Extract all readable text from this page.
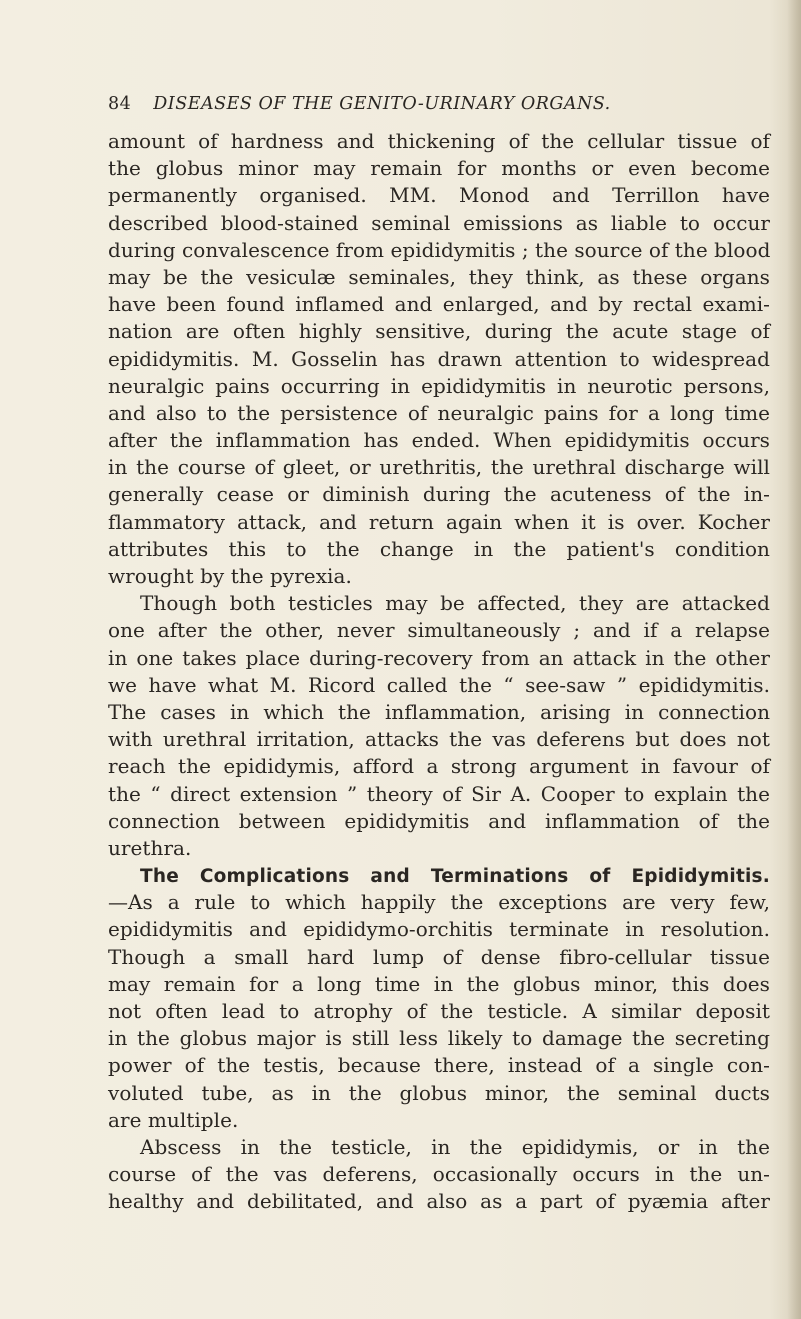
84 DISEASES OF THE GENITO-URINARY ORGANS.
amount of hardness and thickening of the cellular tissue of
the globus minor may remain for months or even become
permanently organised. MM. Monod and Terrillon have
described blood-stained seminal emissions as liable to occur
during convalescence from epididymitis ; the source of the blood
may be the vesiculæ seminales, they think, as these organs
have been found inflamed and enlarged, and by rectal exami-
nation are often highly sensitive, during the acute stage of
epididymitis. M. Gosselin has drawn attention to widespread
neuralgic pains occurring in epididymitis in neurotic persons,
and also to the persistence of neuralgic pains for a long time
after the inflammation has ended. When epididymitis occurs
in the course of gleet, or urethritis, the urethral discharge will
generally cease or diminish during the acuteness of the in-
flammatory attack, and return again when it is over. Kocher
attributes this to the change in the patient's condition
wrought by the pyrexia.
Though both testicles may be affected, they are attacked
one after the other, never simultaneously ; and if a relapse
in one takes place during-recovery from an attack in the other
we have what M. Ricord called the “ see-saw ” epididymitis.
The cases in which the inflammation, arising in connection
with urethral irritation, attacks the vas deferens but does not
reach the epididymis, afford a strong argument in favour of
the “ direct extension ” theory of Sir A. Cooper to explain the
connection between epididymitis and inflammation of the
urethra.
The Complications and Terminations of Epididymitis.
—As a rule to which happily the exceptions are very few,
epididymitis and epididymo-orchitis terminate in resolution.
Though a small hard lump of dense fibro-cellular tissue
may remain for a long time in the globus minor, this does
not often lead to atrophy of the testicle. A similar deposit
in the globus major is still less likely to damage the secreting
power of the testis, because there, instead of a single con-
voluted tube, as in the globus minor, the seminal ducts
are multiple.
Abscess in the testicle, in the epididymis, or in the
course of the vas deferens, occasionally occurs in the un-
healthy and debilitated, and also as a part of pyæmia after
